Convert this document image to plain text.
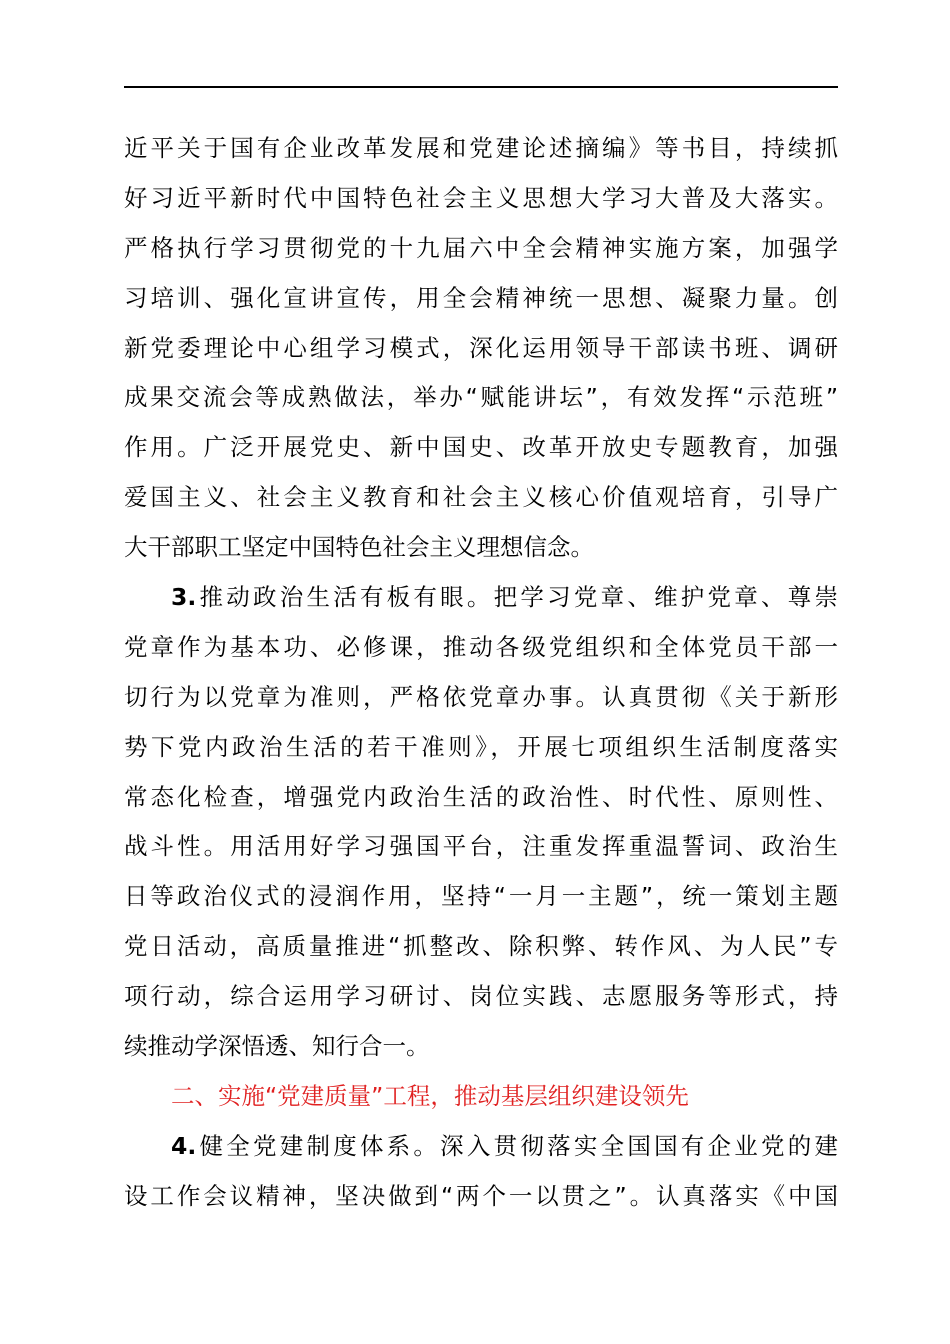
近平关于国有企业改革发展和党建论述摘编》等书目，持续抓
好习近平新时代中国特色社会主义思想大学习大普及大落实。
严格执行学习贯彻党的十九届六中全会精神实施方案，加强学
习培训、强化宣讲宣传，用全会精神统一思想、凝聚力量。创
新党委理论中心组学习模式，深化运用领导干部读书班、调研
成果交流会等成熟做法，举办“赋能讲坛”，有效发挥“示范班”
作用。广泛开展党史、新中国史、改革开放史专题教育，加强
爱国主义、社会主义教育和社会主义核心价值观培育，引导广
大干部职工坚定中国特色社会主义理想信念。
3.推动政治生活有板有眼。把学习党章、维护党章、尊崇
党章作为基本功、必修课，推动各级党组织和全体党员干部一
切行为以党章为准则，严格依党章办事。认真贯彻《关于新形
势下党内政治生活的若干准则》，开展七项组织生活制度落实
常态化检查，增强党内政治生活的政治性、时代性、原则性、
战斗性。用活用好学习强国平台，注重发挥重温誓词、政治生
日等政治仪式的浸润作用，坚持“一月一主题”，统一策划主题
党日活动，高质量推进“抓整改、除积弊、转作风、为人民”专
项行动，综合运用学习研讨、岗位实践、志愿服务等形式，持
续推动学深悟透、知行合一。
二、实施“党建质量”工程，推动基层组织建设领先
4.健全党建制度体系。深入贯彻落实全国国有企业党的建
设工作会议精神，坚决做到“两个一以贯之”。认真落实《中国
